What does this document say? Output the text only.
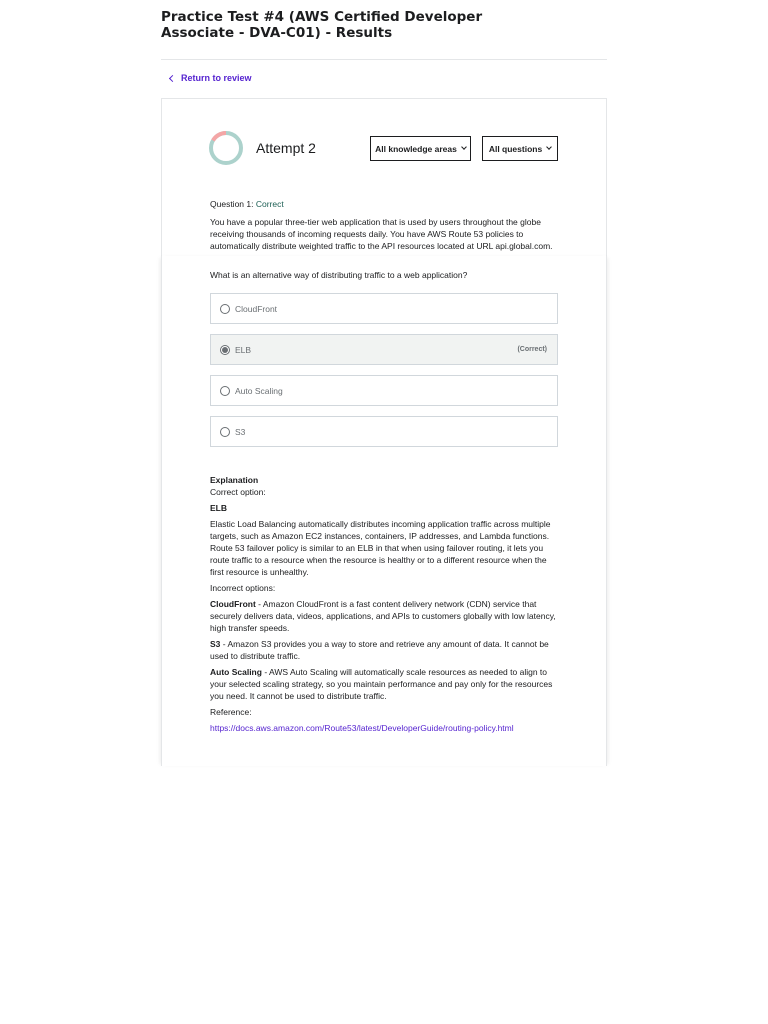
Practice Test #4 (AWS Certified Developer Associate - DVA-C01) - Results
Return to review
Attempt 2	All knowledge areas	All questions
Question 1: Correct
You have a popular three-tier web application that is used by users throughout the globe receiving thousands of incoming requests daily. You have AWS Route 53 policies to automatically distribute weighted traffic to the API resources located at URL api.global.com.
What is an alternative way of distributing traffic to a web application?
CloudFront
ELB	(Correct)
Auto Scaling
S3
Explanation
Correct option:
ELB
Elastic Load Balancing automatically distributes incoming application traffic across multiple targets, such as Amazon EC2 instances, containers, IP addresses, and Lambda functions. Route 53 failover policy is similar to an ELB in that when using failover routing, it lets you route traffic to a resource when the resource is healthy or to a different resource when the first resource is unhealthy.
Incorrect options:
CloudFront - Amazon CloudFront is a fast content delivery network (CDN) service that securely delivers data, videos, applications, and APIs to customers globally with low latency, high transfer speeds.
S3 - Amazon S3 provides you a way to store and retrieve any amount of data. It cannot be used to distribute traffic.
Auto Scaling - AWS Auto Scaling will automatically scale resources as needed to align to your selected scaling strategy, so you maintain performance and pay only for the resources you need. It cannot be used to distribute traffic.
Reference:
https://docs.aws.amazon.com/Route53/latest/DeveloperGuide/routing-policy.html
